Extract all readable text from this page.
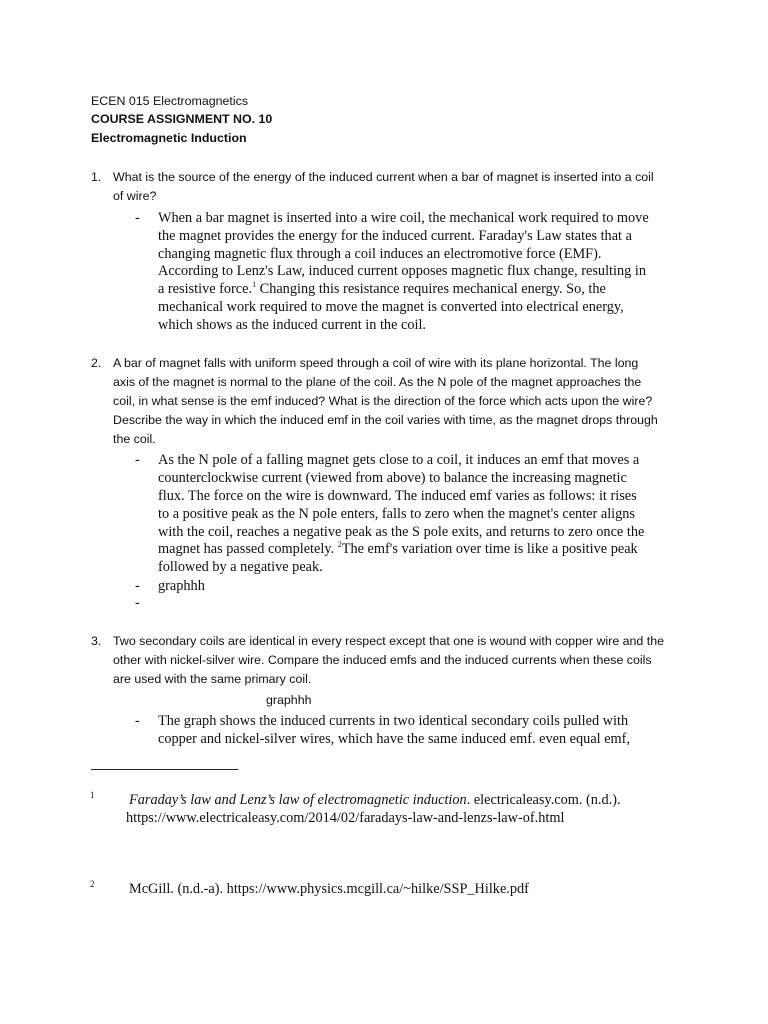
ECEN 015 Electromagnetics
COURSE ASSIGNMENT NO. 10
Electromagnetic Induction
1. What is the source of the energy of the induced current when a bar of magnet is inserted into a coil
of wire?
- When a bar magnet is inserted into a wire coil, the mechanical work required to move
the magnet provides the energy for the induced current. Faraday's Law states that a
changing magnetic flux through a coil induces an electromotive force (EMF).
According to Lenz's Law, induced current opposes magnetic flux change, resulting in
a resistive force.$^1$ Changing this resistance requires mechanical energy. So, the
mechanical work required to move the magnet is converted into electrical energy,
which shows as the induced current in the coil.
2. A bar of magnet falls with uniform speed through a coil of wire with its plane horizontal. The long
axis of the magnet is normal to the plane of the coil. As the N pole of the magnet approaches the
coil, in what sense is the emf induced? What is the direction of the force which acts upon the wire?
Describe the way in which the induced emf in the coil varies with time, as the magnet drops through
the coil.
- As the N pole of a falling magnet gets close to a coil, it induces an emf that moves a
counterclockwise current (viewed from above) to balance the increasing magnetic
flux. The force on the wire is downward. The induced emf varies as follows: it rises
to a positive peak as the N pole enters, falls to zero when the magnet's center aligns
with the coil, reaches a negative peak as the S pole exits, and returns to zero once the
magnet has passed completely. $^2$The emf's variation over time is like a positive peak
followed by a negative peak.
- graphhh
-
3. Two secondary coils are identical in every respect except that one is wound with copper wire and the
other with nickel-silver wire. Compare the induced emfs and the induced currents when these coils
are used with the same primary coil.
graphhh
- The graph shows the induced currents in two identical secondary coils pulled with
copper and nickel-silver wires, which have the same induced emf. even equal emf,
1 Faraday’s law and Lenz’s law of electromagnetic induction. electricaleasy.com. (n.d.).
https://www.electricaleasy.com/2014/02/faradays-law-and-lenzs-law-of.html
2 McGill. (n.d.-a). https://www.physics.mcgill.ca/~hilke/SSP_Hilke.pdf
